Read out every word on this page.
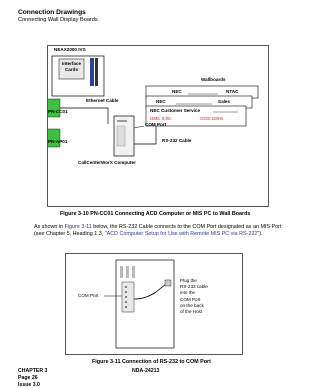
Connection Drawings
Connecting Wall Display Boards
NEAX2000 IVS
Interface Cards
PN-CC01
PN-AP01
Ethernet Cable
COM Port
CallCenterWorX Computer
RS-232 Cable
Wallboards
NEC	NTAC
NEC	Sales
NEC Customer Service
UMC 0:00	GOS:100%
Figure 3-10 PN-CC01 Connecting ACD Computer or MIS PC to Wall Boards
As shown in Figure 3-11 below, the RS-232 Cable connects to the COM Port designated as an MIS Port (see Chapter 5, Heading 1.3, "ACD Computer Setup for Use with Remote MIS PC via RS-232").
COM Port
Plug the
RS-232 cable
into the
COM Port
on the back
of the Host
Figure 3-11 Connection of RS-232 to COM Port
CHAPTER 3
Page 26
Issue 3.0
NDA-24213
